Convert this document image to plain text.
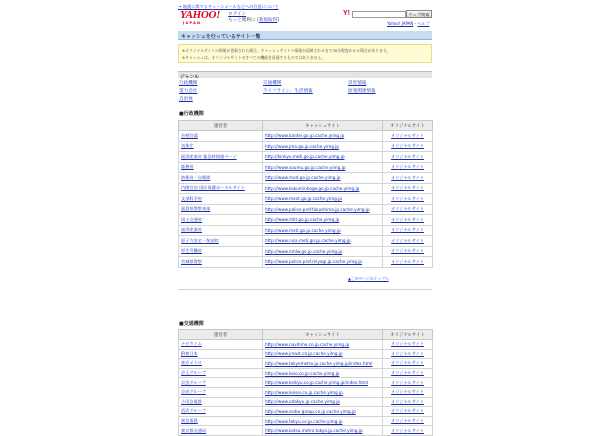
→ 地震に関するチェーンメールなどへの注意について
YAHOO!
JAPAN
ログイン
もっと便利に [新規取得]
Y!	ウェブ検索
Yahoo! JAPAN - ヘルプ
キャッシュを行っているサイト一覧

※オリジナルサイトの情報が更新された場合、キャッシュサイトへ情報が反映されるまで30分程度かかる場合があります。

※キャッシュは、オリジナルサイトのすべての機能を再現するものではありません。

ジャンル
行政機関	交通機関	災害情報
電力会社	ライフライン、生活情報	原発関連情報
自治体
■行政機関
運営者	キャッシュサイト	オリジナルサイト
首相官邸	http://www.kantei.go.jp.cache.yimg.jp	オリジナルサイト
気象庁	http://www.jma.go.jp.cache.yimg.jp	オリジナルサイト
経済産業省 緊急時情報ページ	http://kinkyu.meti.go.jp.cache.yimg.jp	オリジナルサイト
総務省	http://www.soumu.go.jp.cache.yimg.jp	オリジナルサイト
防衛省・自衛隊	http://www.mod.go.jp.cache.yimg.jp	オリジナルサイト
内閣官房 国民保護ポータルサイト	http://www.kokuminhogo.go.jp.cache.yimg.jp	オリジナルサイト
文部科学省	http://www.mext.go.jp.cache.yimg.jp	オリジナルサイト
福島県警察本部	http://www.police.pref.fukushima.jp.cache.yimg.jp	オリジナルサイト
国土交通省	http://www.mlit.go.jp.cache.yimg.jp	オリジナルサイト
経済産業省	http://www.meti.go.jp.cache.yimg.jp	オリジナルサイト
原子力安全・保安院	http://www.nisa.meti.go.jp.cache.yimg.jp	オリジナルサイト
厚生労働省	http://www.mhlw.go.jp.cache.yimg.jp	オリジナルサイト
宮城県警察	http://www.police.pref.miyagi.jp.cache.yimg.jp	オリジナルサイト
▲このページのトップへ
■交通機関
運営者	キャッシュサイト	オリジナルサイト
ナビタイム	http://www.navitime.co.jp.cache.yimg.jp	オリジナルサイト
JR東日本	http://www.jreast.co.jp.cache.yimg.jp	オリジナルサイト
東京メトロ	http://www.tokyometro.jp.cache.yimg.jp/index.html	オリジナルサイト
京王グループ	http://www.keio.co.jp.cache.yimg.jp	オリジナルサイト
京急グループ	http://www.keikyu.co.jp.cache.yimg.jp/index.html	オリジナルサイト
京成グループ	http://www.keisei.co.jp.cache.yimg.jp	オリジナルサイト
小田急電鉄	http://www.odakyu.jp.cache.yimg.jp	オリジナルサイト
西武グループ	http://www.seibu-group.co.jp.cache.yimg.jp	オリジナルサイト
東急電鉄	http://www.tokyu.co.jp.cache.yimg.jp	オリジナルサイト
東京都交通局	http://www.kotsu.metro.tokyo.jp.cache.yimg.jp	オリジナルサイト
